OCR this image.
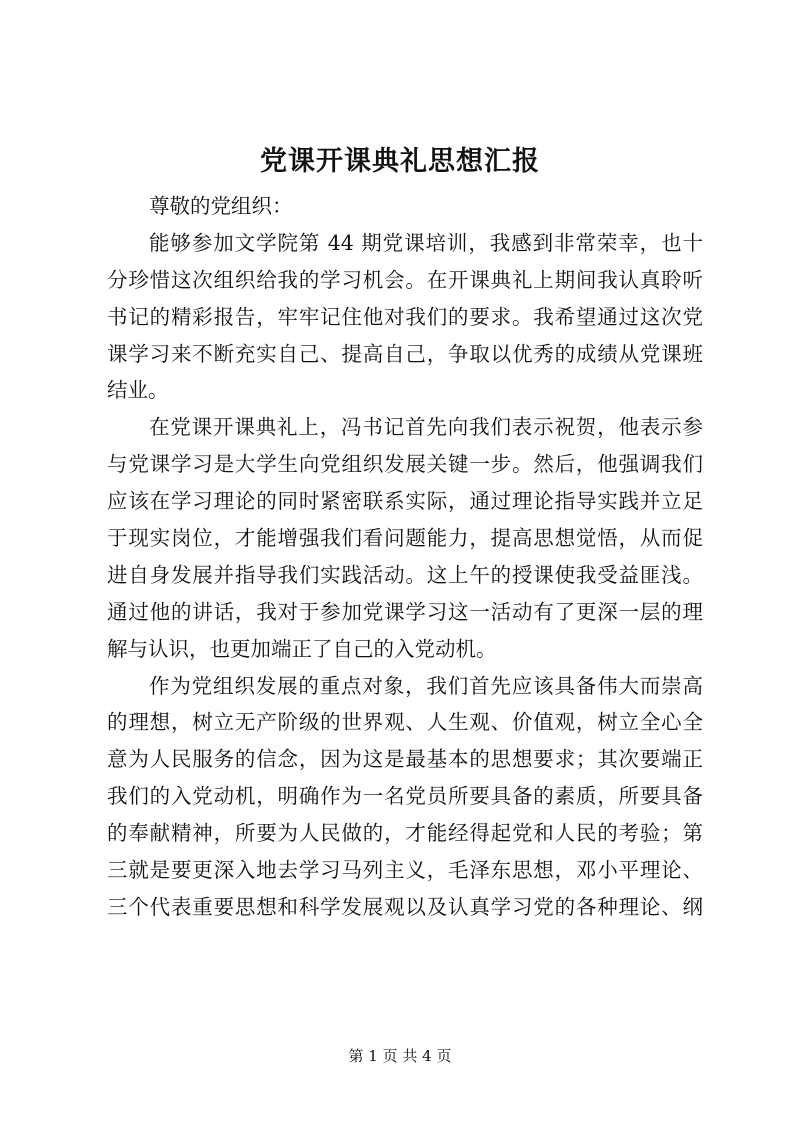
党课开课典礼思想汇报
尊敬的党组织：
能够参加文学院第 44 期党课培训，我感到非常荣幸，也十
分珍惜这次组织给我的学习机会。在开课典礼上期间我认真聆听
书记的精彩报告，牢牢记住他对我们的要求。我希望通过这次党
课学习来不断充实自己、提高自己，争取以优秀的成绩从党课班
结业。
在党课开课典礼上，冯书记首先向我们表示祝贺，他表示参
与党课学习是大学生向党组织发展关键一步。然后，他强调我们
应该在学习理论的同时紧密联系实际，通过理论指导实践并立足
于现实岗位，才能增强我们看问题能力，提高思想觉悟，从而促
进自身发展并指导我们实践活动。这上午的授课使我受益匪浅。
通过他的讲话，我对于参加党课学习这一活动有了更深一层的理
解与认识，也更加端正了自己的入党动机。
作为党组织发展的重点对象，我们首先应该具备伟大而崇高
的理想，树立无产阶级的世界观、人生观、价值观，树立全心全
意为人民服务的信念，因为这是最基本的思想要求；其次要端正
我们的入党动机，明确作为一名党员所要具备的素质，所要具备
的奉献精神，所要为人民做的，才能经得起党和人民的考验；第
三就是要更深入地去学习马列主义，毛泽东思想，邓小平理论、
三个代表重要思想和科学发展观以及认真学习党的各种理论、纲
第 1 页 共 4 页
